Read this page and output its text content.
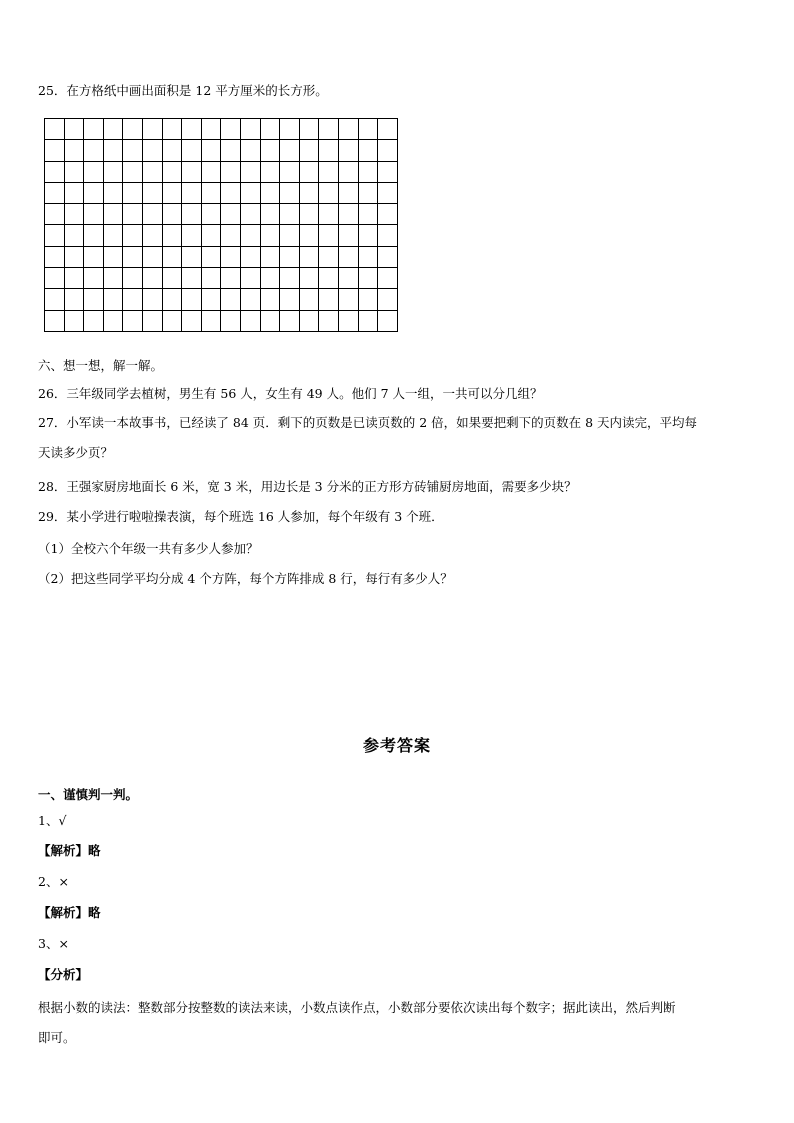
25．在方格纸中画出面积是 12 平方厘米的长方形。

六、想一想，解一解。
26．三年级同学去植树，男生有 56 人，女生有 49 人。他们 7 人一组，一共可以分几组？
27．小军读一本故事书，已经读了 84 页．剩下的页数是已读页数的 2 倍，如果要把剩下的页数在 8 天内读完，平均每
天读多少页？
28．王强家厨房地面长 6 米，宽 3 米，用边长是 3 分米的正方形方砖铺厨房地面，需要多少块？
29．某小学进行啦啦操表演，每个班选 16 人参加，每个年级有 3 个班．
（1）全校六个年级一共有多少人参加？
（2）把这些同学平均分成 4 个方阵，每个方阵排成 8 行，每行有多少人？
参考答案
一、谨慎判一判。
1、√
【解析】略
2、×
【解析】略
3、×
【分析】
根据小数的读法：整数部分按整数的读法来读，小数点读作点，小数部分要依次读出每个数字；据此读出，然后判断
即可。
